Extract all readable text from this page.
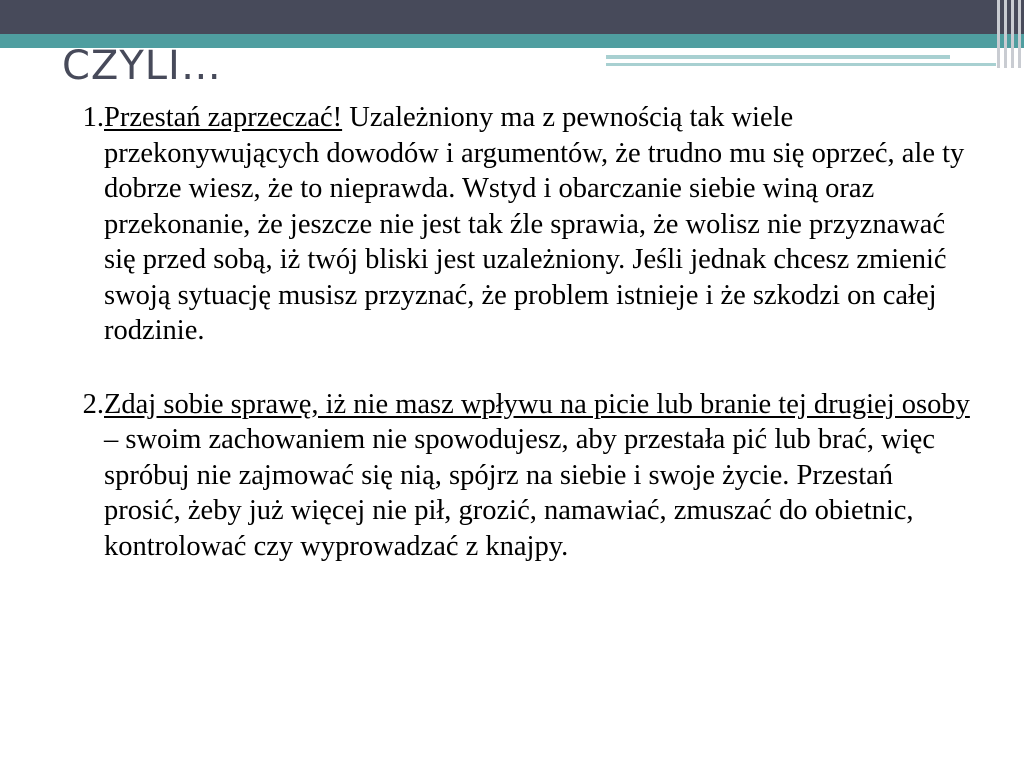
CZYLI…

1. Przestań zaprzeczać! Uzależniony ma z pewnością tak wiele przekonywujących dowodów i argumentów, że trudno mu się oprzeć, ale ty dobrze wiesz, że to nieprawda. Wstyd i obarczanie siebie winą oraz przekonanie, że jeszcze nie jest tak źle sprawia, że wolisz nie przyznawać się przed sobą, iż twój bliski jest uzależniony. Jeśli jednak chcesz zmienić swoją sytuację musisz przyznać, że problem istnieje i że szkodzi on całej rodzinie.

2. Zdaj sobie sprawę, iż nie masz wpływu na picie lub branie tej drugiej osoby – swoim zachowaniem nie spowodujesz, aby przestała pić lub brać, więc spróbuj nie zajmować się nią, spójrz na siebie i swoje życie. Przestań prosić, żeby już więcej nie pił, grozić, namawiać, zmuszać do obietnic, kontrolować czy wyprowadzać z knajpy.
